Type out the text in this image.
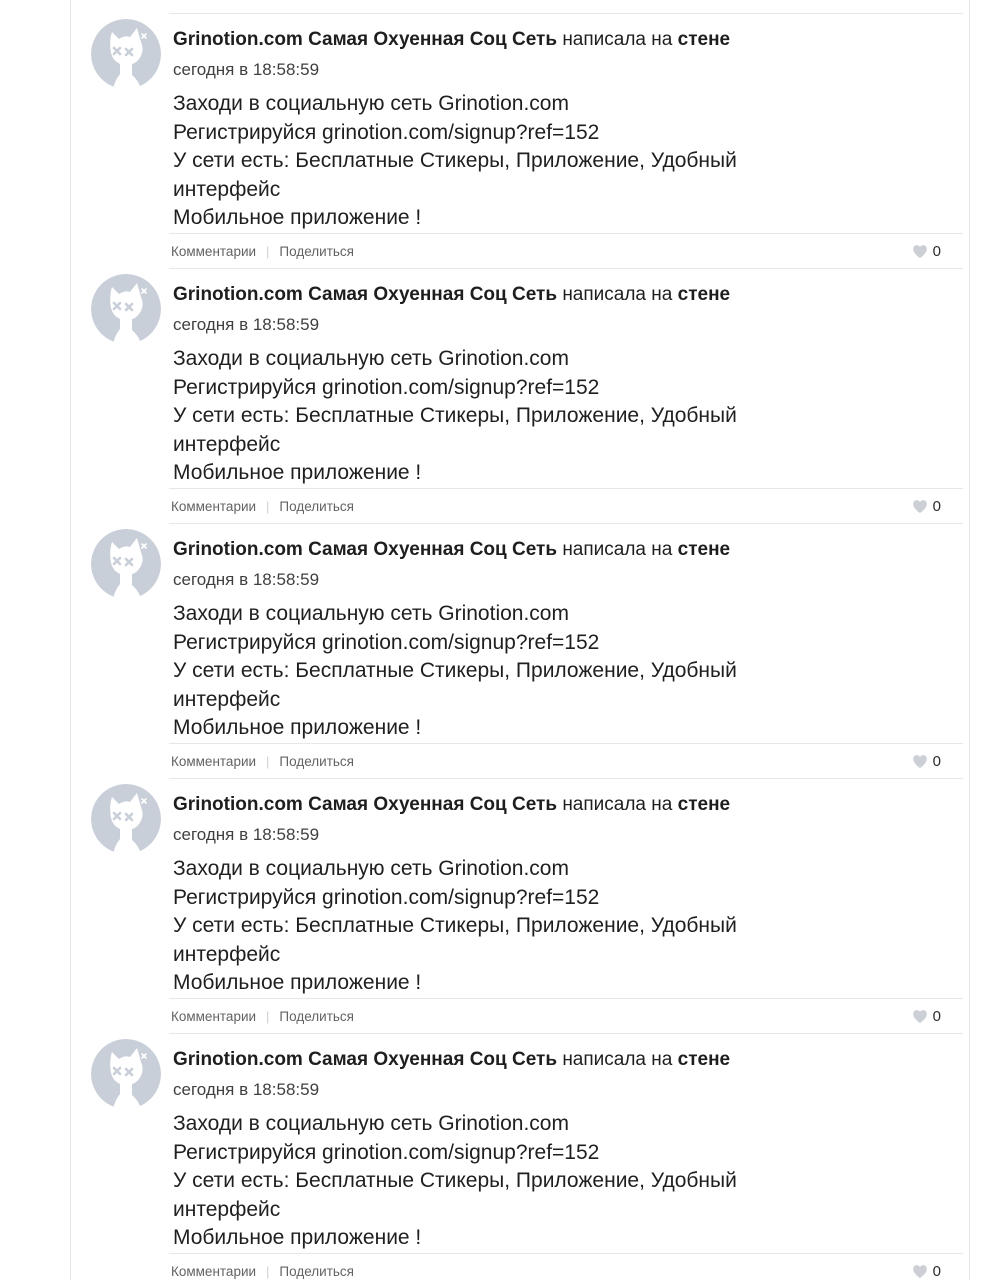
Grinotion.com Самая Охуенная Соц Сеть написала на стене
сегодня в 18:58:59
Заходи в социальную сеть Grinotion.com
Регистрируйся grinotion.com/signup?ref=152
У сети есть: Бесплатные Стикеры, Приложение, Удобный интерфейс
Мобильное приложение !
Комментарии | Поделиться	0
Grinotion.com Самая Охуенная Соц Сеть написала на стене
сегодня в 18:58:59
Заходи в социальную сеть Grinotion.com
Регистрируйся grinotion.com/signup?ref=152
У сети есть: Бесплатные Стикеры, Приложение, Удобный интерфейс
Мобильное приложение !
Комментарии | Поделиться	0
Grinotion.com Самая Охуенная Соц Сеть написала на стене
сегодня в 18:58:59
Заходи в социальную сеть Grinotion.com
Регистрируйся grinotion.com/signup?ref=152
У сети есть: Бесплатные Стикеры, Приложение, Удобный интерфейс
Мобильное приложение !
Комментарии | Поделиться	0
Grinotion.com Самая Охуенная Соц Сеть написала на стене
сегодня в 18:58:59
Заходи в социальную сеть Grinotion.com
Регистрируйся grinotion.com/signup?ref=152
У сети есть: Бесплатные Стикеры, Приложение, Удобный интерфейс
Мобильное приложение !
Комментарии | Поделиться	0
Grinotion.com Самая Охуенная Соц Сеть написала на стене
сегодня в 18:58:59
Заходи в социальную сеть Grinotion.com
Регистрируйся grinotion.com/signup?ref=152
У сети есть: Бесплатные Стикеры, Приложение, Удобный интерфейс
Мобильное приложение !
Комментарии | Поделиться	0
